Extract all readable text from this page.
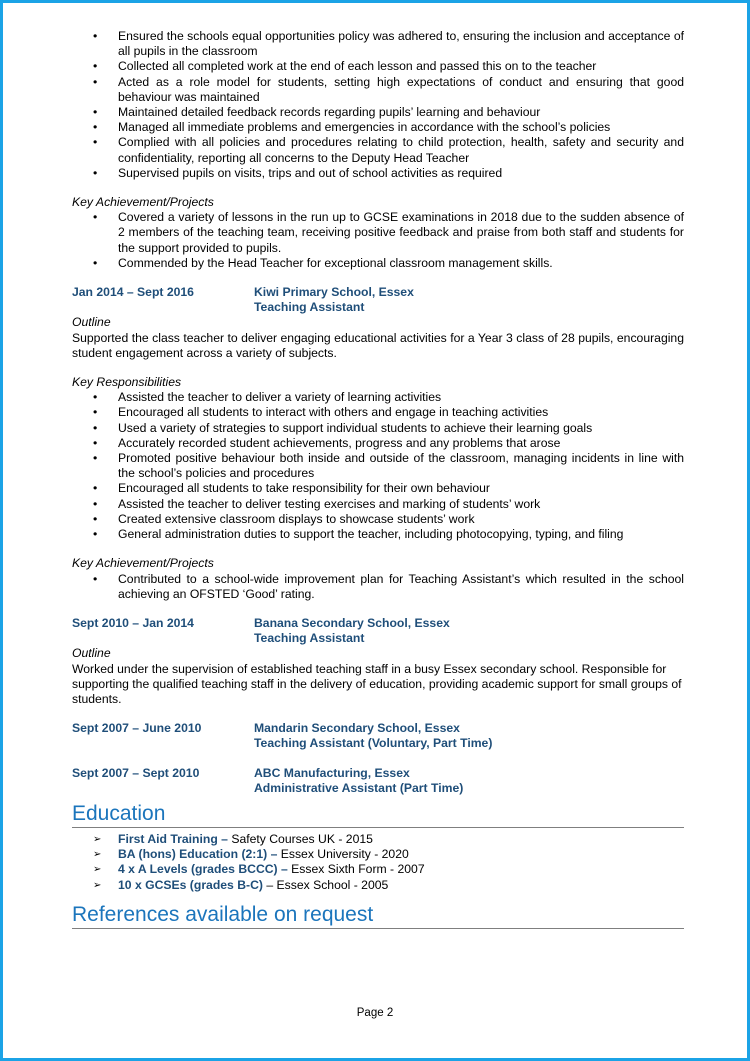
• Ensured the schools equal opportunities policy was adhered to, ensuring the inclusion and acceptance of all pupils in the classroom
• Collected all completed work at the end of each lesson and passed this on to the teacher
• Acted as a role model for students, setting high expectations of conduct and ensuring that good behaviour was maintained
• Maintained detailed feedback records regarding pupils’ learning and behaviour
• Managed all immediate problems and emergencies in accordance with the school’s policies
• Complied with all policies and procedures relating to child protection, health, safety and security and confidentiality, reporting all concerns to the Deputy Head Teacher
• Supervised pupils on visits, trips and out of school activities as required
Key Achievement/Projects
• Covered a variety of lessons in the run up to GCSE examinations in 2018 due to the sudden absence of 2 members of the teaching team, receiving positive feedback and praise from both staff and students for the support provided to pupils.
• Commended by the Head Teacher for exceptional classroom management skills.
Jan 2014 – Sept 2016	Kiwi Primary School, Essex
Teaching Assistant
Outline
Supported the class teacher to deliver engaging educational activities for a Year 3 class of 28 pupils, encouraging student engagement across a variety of subjects.
Key Responsibilities
• Assisted the teacher to deliver a variety of learning activities
• Encouraged all students to interact with others and engage in teaching activities
• Used a variety of strategies to support individual students to achieve their learning goals
• Accurately recorded student achievements, progress and any problems that arose
• Promoted positive behaviour both inside and outside of the classroom, managing incidents in line with the school’s policies and procedures
• Encouraged all students to take responsibility for their own behaviour
• Assisted the teacher to deliver testing exercises and marking of students’ work
• Created extensive classroom displays to showcase students’ work
• General administration duties to support the teacher, including photocopying, typing, and filing
Key Achievement/Projects
• Contributed to a school-wide improvement plan for Teaching Assistant’s which resulted in the school achieving an OFSTED ‘Good’ rating.
Sept 2010 – Jan 2014	Banana Secondary School, Essex
Teaching Assistant
Outline
Worked under the supervision of established teaching staff in a busy Essex secondary school. Responsible for supporting the qualified teaching staff in the delivery of education, providing academic support for small groups of students.
Sept 2007 – June 2010	Mandarin Secondary School, Essex
Teaching Assistant (Voluntary, Part Time)
Sept 2007 – Sept 2010	ABC Manufacturing, Essex
Administrative Assistant (Part Time)
Education
➢ First Aid Training – Safety Courses UK - 2015
➢ BA (hons) Education (2:1) – Essex University - 2020
➢ 4 x A Levels (grades BCCC) – Essex Sixth Form - 2007
➢ 10 x GCSEs (grades B-C) – Essex School - 2005
References available on request
Page 2
